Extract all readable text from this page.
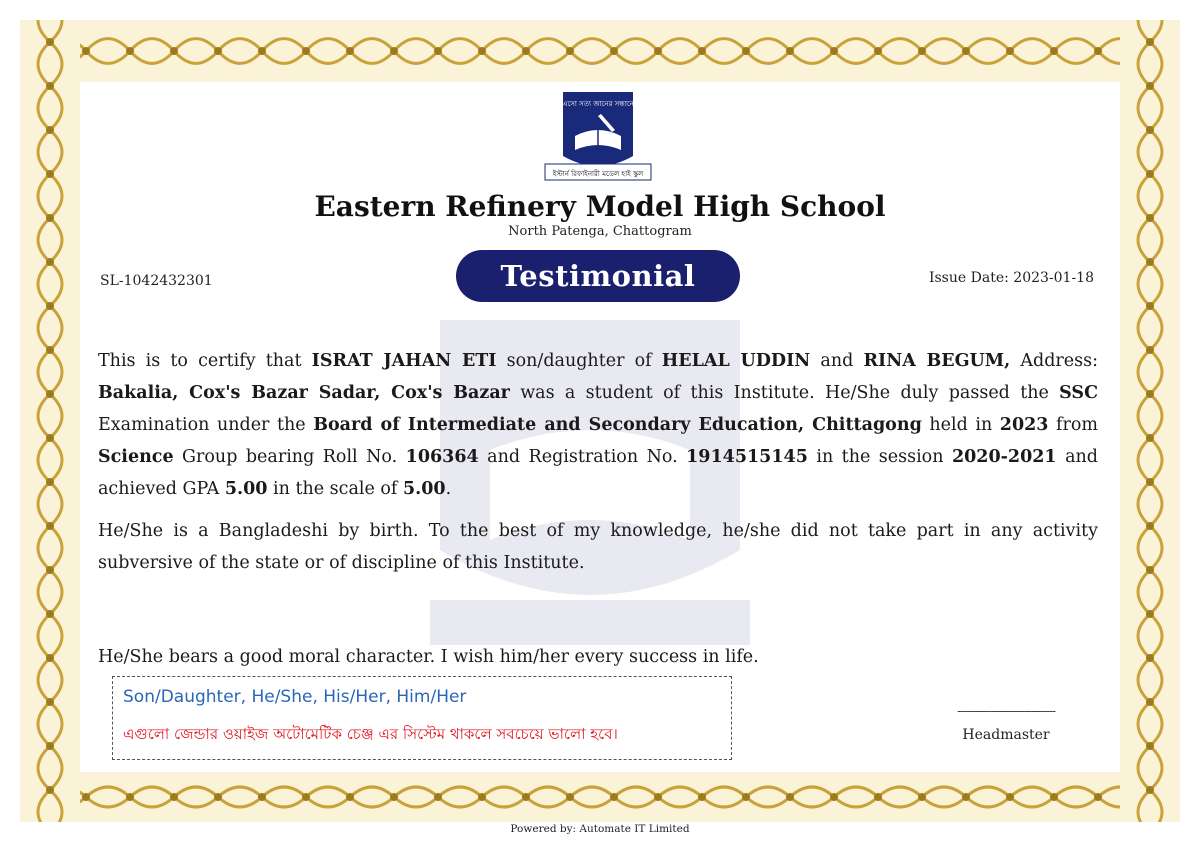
এসো সত্য জানের সন্ধানে
ইস্টার্ন রিফাইনারী মডেল হাই স্কুল
Eastern Refinery Model High School
North Patenga, Chattogram
SL-1042432301	Testimonial	Issue Date: 2023-01-18

This is to certify that ISRAT JAHAN ETI son/daughter of HELAL UDDIN and RINA BEGUM, Address: Bakalia, Cox's Bazar Sadar, Cox's Bazar was a student of this Institute. He/She duly passed the SSC Examination under the Board of Intermediate and Secondary Education, Chittagong held in 2023 from Science Group bearing Roll No. 106364 and Registration No. 1914515145 in the session 2020-2021 and achieved GPA 5.00 in the scale of 5.00.

He/She is a Bangladeshi by birth. To the best of my knowledge, he/she did not take part in any activity subversive of the state or of discipline of this Institute.

He/She bears a good moral character. I wish him/her every success in life.
Son/Daughter, He/She, His/Her, Him/Her
এগুলো জেন্ডার ওয়াইজ অটোমেটিক চেঞ্জ এর সিস্টেম থাকলে সবচেয়ে ভালো হবে।
--------------------------------
Headmaster
Powered by: Automate IT Limited
